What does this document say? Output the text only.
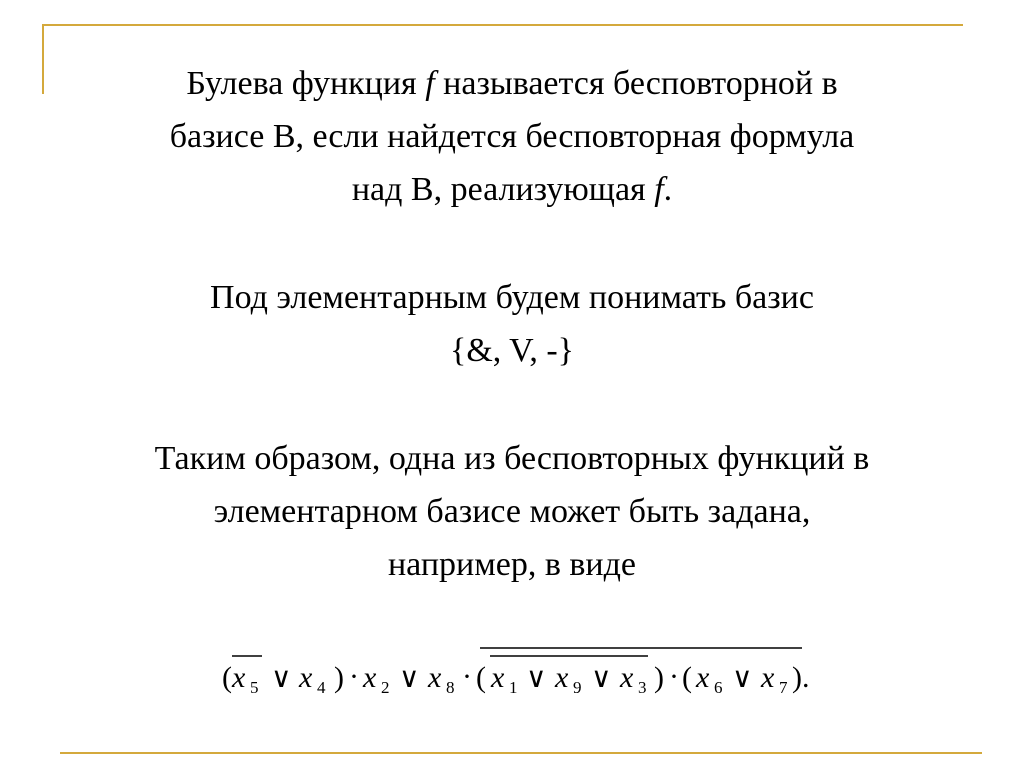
Булева функция f называется бесповторной в
базисе B, если найдется бесповторная формула
над B, реализующая f.
Под элементарным будем понимать базис
{&, V, -}
Таким образом, одна из бесповторных функций в
элементарном базисе может быть задана,
например, в виде
( x 5 ∨ x 4 ) · x 2 ∨ x 8 · ( x 1 ∨ x 9 ∨ x 3 ) · ( x 6 ∨ x 7 ) .
